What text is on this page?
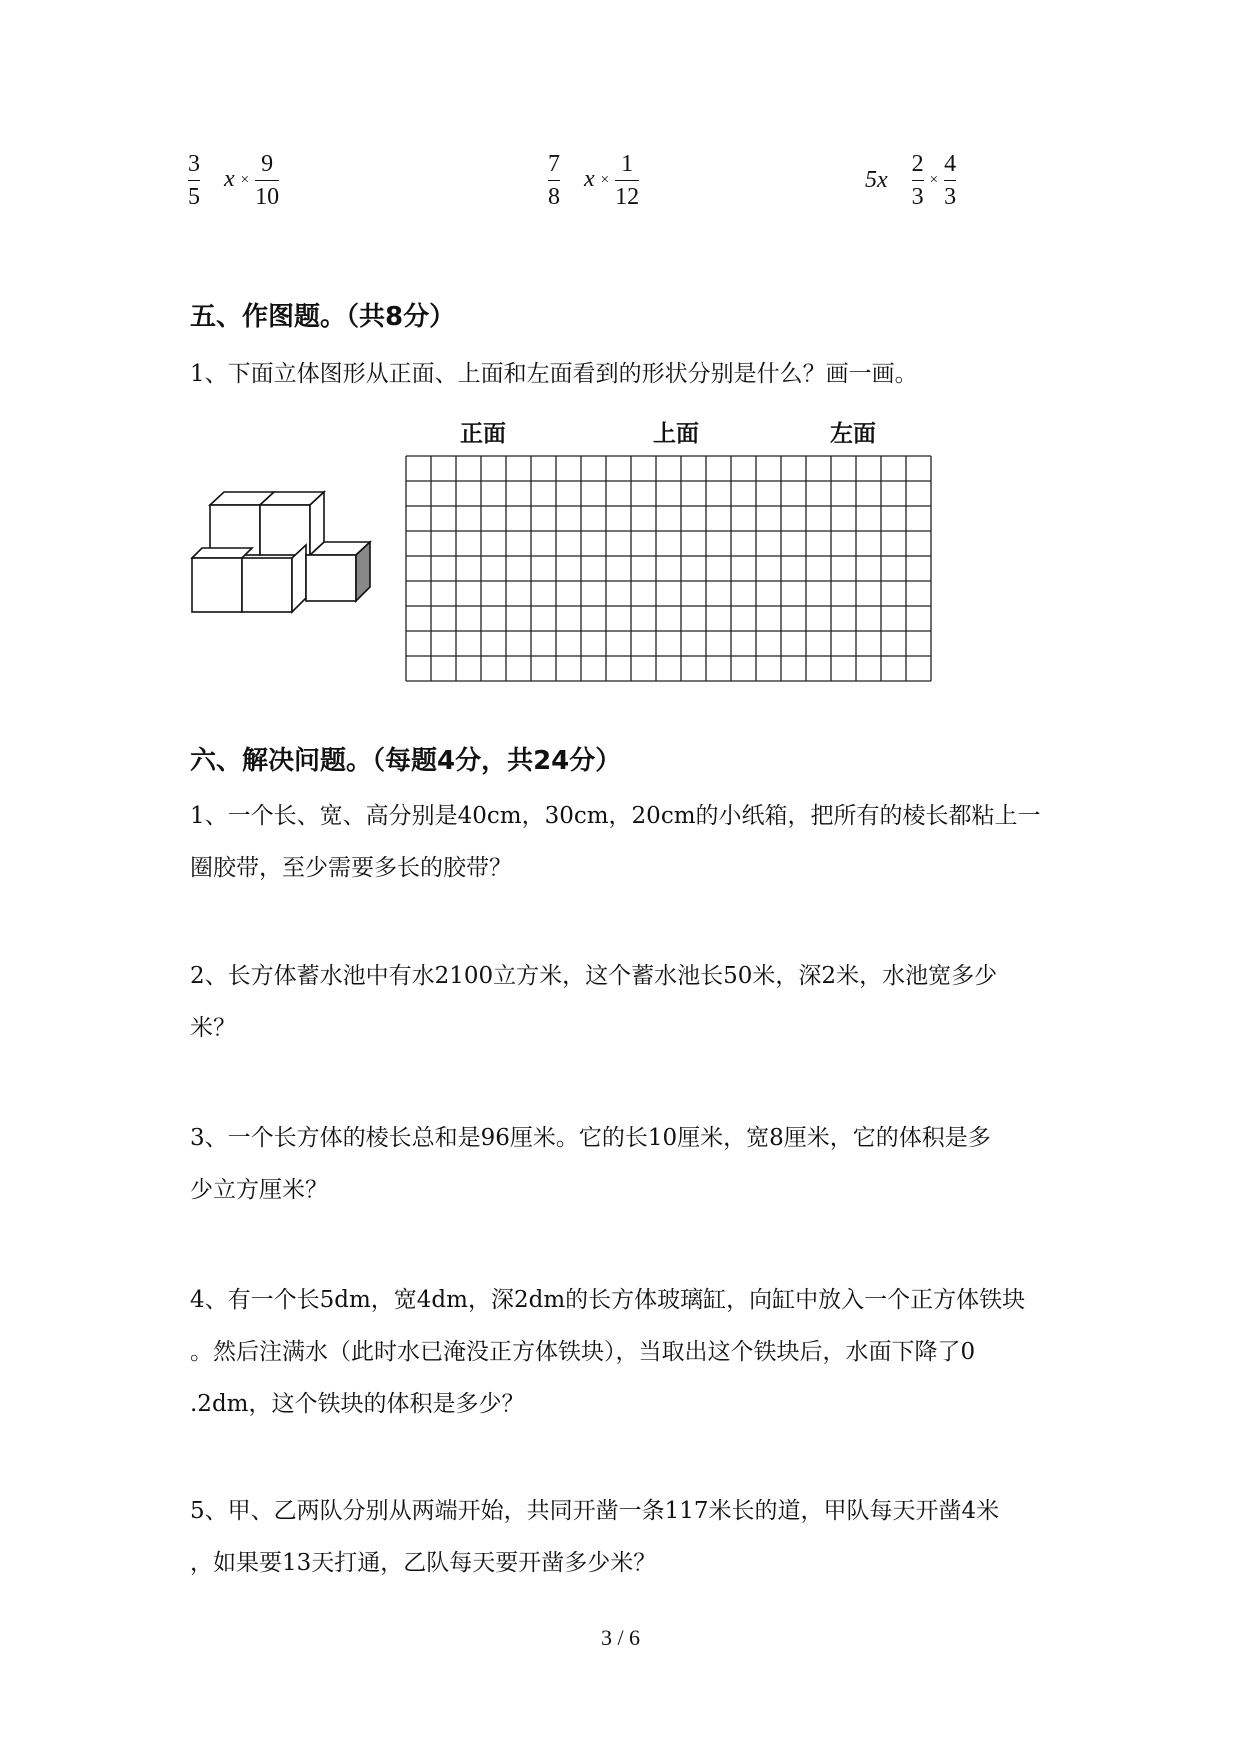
$\frac{3}{5}$ $x \times \frac{9}{10}$	$\frac{7}{8}$ $x \times \frac{1}{12}$	$5x \frac{2}{3} \times \frac{4}{3}$
五、作图题。（共8分）
1、下面立体图形从正面、上面和左面看到的形状分别是什么？画一画。
正面	上面	左面
六、解决问题。（每题4分，共24分）
1、一个长、宽、高分别是40cm，30cm，20cm的小纸箱，把所有的棱长都粘上一
圈胶带，至少需要多长的胶带？
2、长方体蓄水池中有水2100立方米，这个蓄水池长50米，深2米，水池宽多少
米？
3、一个长方体的棱长总和是96厘米。它的长10厘米，宽8厘米，它的体积是多
少立方厘米？
4、有一个长5dm，宽4dm，深2dm的长方体玻璃缸，向缸中放入一个正方体铁块
。然后注满水（此时水已淹没正方体铁块），当取出这个铁块后，水面下降了0
.2dm，这个铁块的体积是多少？
5、甲、乙两队分别从两端开始，共同开凿一条117米长的道，甲队每天开凿4米
，如果要13天打通，乙队每天要开凿多少米？
3 / 6
